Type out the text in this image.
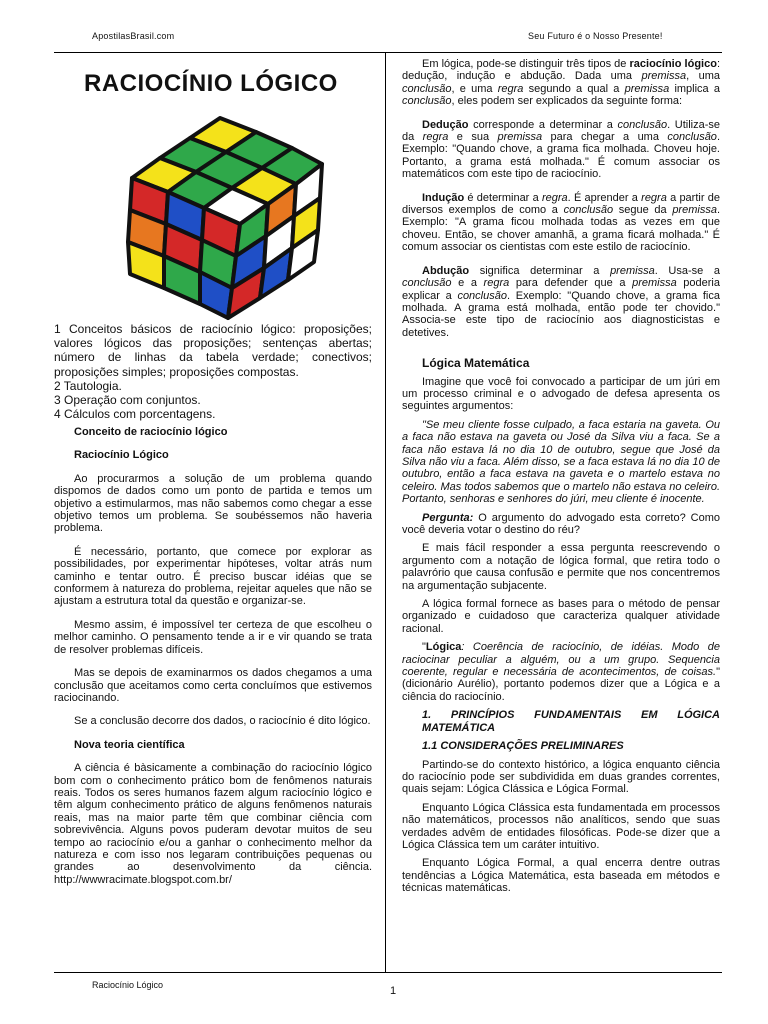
ApostilasBrasil.com	Seu Futuro é o Nosso Presente!
RACIOCÍNIO LÓGICO
1 Conceitos básicos de raciocínio lógico: proposições; valores lógicos das proposições; sentenças abertas; número de linhas da tabela verdade; conectivos; proposições simples; proposições compostas.
2 Tautologia.
3 Operação com conjuntos.
4 Cálculos com porcentagens.

Conceito de raciocínio lógico

Raciocínio Lógico

Ao procurarmos a solução de um problema quando dispomos de dados como um ponto de partida e temos um objetivo a estimularmos, mas não sabemos como chegar a esse objetivo temos um problema. Se soubéssemos não haveria problema.

É necessário, portanto, que comece por explorar as possibilidades, por experimentar hipóteses, voltar atrás num caminho e tentar outro. É preciso buscar idéias que se conformem à natureza do problema, rejeitar aqueles que não se ajustam a estrutura total da questão e organizar-se.

Mesmo assim, é impossível ter certeza de que escolheu o melhor caminho. O pensamento tende a ir e vir quando se trata de resolver problemas difíceis.

Mas se depois de examinarmos os dados chegamos a uma conclusão que aceitamos como certa concluímos que estivemos raciocinando.

Se a conclusão decorre dos dados, o raciocínio é dito lógico.

Nova teoria científica

A ciência é bàsicamente a combinação do raciocínio lógico bom com o conhecimento prático bom de fenômenos naturais reais. Todos os seres humanos fazem algum raciocínio lógico e têm algum conhecimento prático de alguns fenômenos naturais reais, mas na maior parte têm que combinar ciência com sobrevivência. Alguns povos puderam devotar muitos de seu tempo ao raciocínio e/ou a ganhar o conhecimento melhor da natureza e com isso nos legaram contribuições pequenas ou grandes ao desenvolvimento da ciência. http://wwwracimate.blogspot.com.br/

Em lógica, pode-se distinguir três tipos de raciocínio lógico: dedução, indução e abdução. Dada uma premissa, uma conclusão, e uma regra segundo a qual a premissa implica a conclusão, eles podem ser explicados da seguinte forma:

Dedução corresponde a determinar a conclusão. Utiliza-se da regra e sua premissa para chegar a uma conclusão. Exemplo: "Quando chove, a grama fica molhada. Choveu hoje. Portanto, a grama está molhada." É comum associar os matemáticos com este tipo de raciocínio.

Indução é determinar a regra. É aprender a regra a partir de diversos exemplos de como a conclusão segue da premissa. Exemplo: "A grama ficou molhada todas as vezes em que choveu. Então, se chover amanhã, a grama ficará molhada." É comum associar os cientistas com este estilo de raciocínio.

Abdução significa determinar a premissa. Usa-se a conclusão e a regra para defender que a premissa poderia explicar a conclusão. Exemplo: "Quando chove, a grama fica molhada. A grama está molhada, então pode ter chovido." Associa-se este tipo de raciocínio aos diagnosticistas e detetives.

Lógica Matemática

Imagine que você foi convocado a participar de um júri em um processo criminal e o advogado de defesa apresenta os seguintes argumentos:

"Se meu cliente fosse culpado, a faca estaria na gaveta. Ou a faca não estava na gaveta ou José da Silva viu a faca. Se a faca não estava lá no dia 10 de outubro, segue que José da Silva não viu a faca. Além disso, se a faca estava lá no dia 10 de outubro, então a faca estava na gaveta e o martelo estava no celeiro. Mas todos sabemos que o martelo não estava no celeiro. Portanto, senhoras e senhores do júri, meu cliente é inocente.

Pergunta: O argumento do advogado esta correto? Como você deveria votar o destino do réu?

E mais fácil responder a essa pergunta reescrevendo o argumento com a notação de lógica formal, que retira todo o palavrório que causa confusão e permite que nos concentremos na argumentação subjacente.

A lógica formal fornece as bases para o método de pensar organizado e cuidadoso que caracteriza qualquer atividade racional.

"Lógica: Coerência de raciocínio, de idéias. Modo de raciocinar peculiar a alguém, ou a um grupo. Sequencia coerente, regular e necessária de acontecimentos, de coisas." (dicionário Aurélio), portanto podemos dizer que a Lógica e a ciência do raciocínio.

1. PRINCÍPIOS FUNDAMENTAIS EM LÓGICA MATEMÁTICA

1.1 CONSIDERAÇÕES PRELIMINARES

Partindo-se do contexto histórico, a lógica enquanto ciência do raciocínio pode ser subdividida em duas grandes correntes, quais sejam: Lógica Clássica e Lógica Formal.

Enquanto Lógica Clássica esta fundamentada em processos não matemáticos, processos não analíticos, sendo que suas verdades advêm de entidades filosóficas. Pode-se dizer que a Lógica Clássica tem um caráter intuitivo.

Enquanto Lógica Formal, a qual encerra dentre outras tendências a Lógica Matemática, esta baseada em métodos e técnicas matemáticas.

Raciocínio Lógico	1
